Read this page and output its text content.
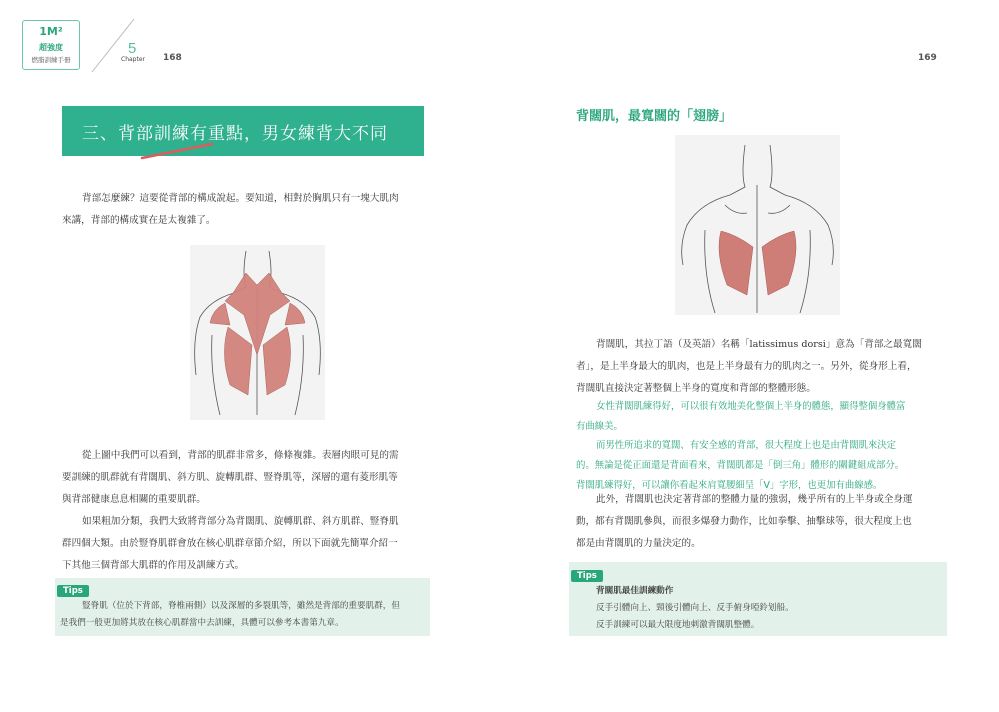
1M²
超強度
燃脂訓練手冊
5
Chapter 168	169
三、背部訓練有重點，男女練背大不同
背部怎麼練？這要從背部的構成說起。要知道，相對於胸肌只有一塊大肌肉
來講，背部的構成實在是太複雜了。
從上圖中我們可以看到，背部的肌群非常多，條條複雜。表層肉眼可見的需
要訓練的肌群就有背闊肌、斜方肌、旋轉肌群、豎脊肌等，深層的還有菱形肌等
與背部健康息息相關的重要肌群。
如果粗加分類，我們大致將背部分為背闊肌、旋轉肌群、斜方肌群、豎脊肌
群四個大類。由於豎脊肌群會放在核心肌群章節介紹，所以下面就先簡單介紹一
下其他三個背部大肌群的作用及訓練方式。
Tips
豎脊肌（位於下背部，脊椎兩側）以及深層的多裂肌等，雖然是背部的重要肌群，但
是我們一般更加將其放在核心肌群當中去訓練，具體可以參考本書第九章。
背闊肌，最寬闊的「翅膀」
背闊肌，其拉丁語（及英語）名稱「latissimus dorsi」意為「背部之最寬闊
者」，是上半身最大的肌肉，也是上半身最有力的肌肉之一。另外，從身形上看，
背闊肌直接決定著整個上半身的寬度和背部的整體形態。
女性背闊肌練得好，可以很有效地美化整個上半身的體態，顯得整個身體富
有曲線美。
而男性所追求的寬闊、有安全感的背部，很大程度上也是由背闊肌來決定
的。無論是從正面還是背面看來，背闊肌都是「倒三角」體形的關鍵組成部分。
背闊肌練得好，可以讓你看起來肩寬腰細呈「V」字形，也更加有曲線感。
此外，背闊肌也決定著背部的整體力量的強弱，幾乎所有的上半身或全身運
動，都有背闊肌參與，而很多爆發力動作，比如拳擊、抽擊球等，很大程度上也
都是由背闊肌的力量決定的。
Tips
背闊肌最佳訓練動作
反手引體向上、頸後引體向上、反手俯身啞鈴划船。
反手訓練可以最大限度地刺激背闊肌整體。
